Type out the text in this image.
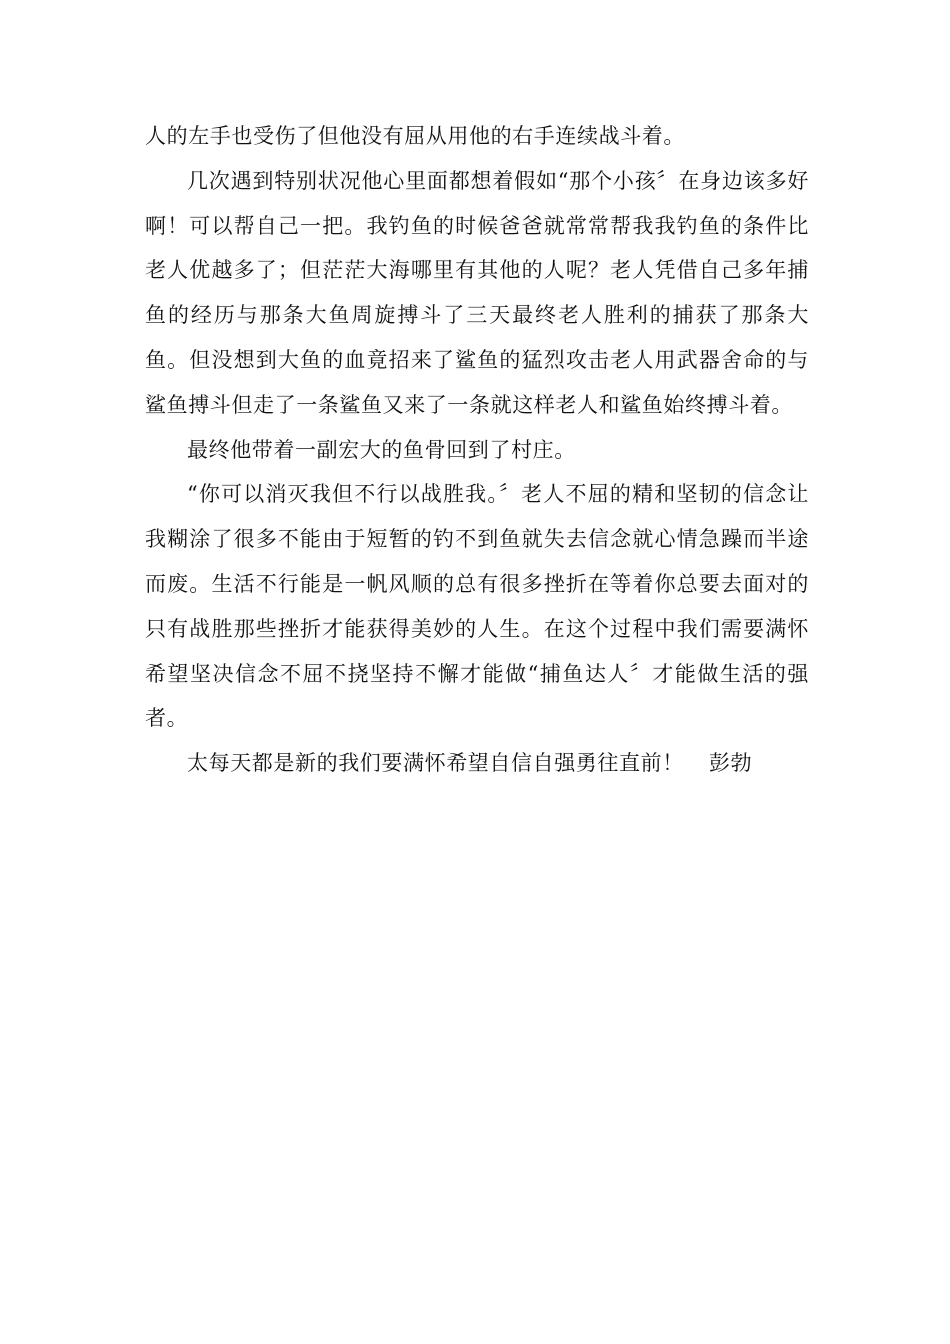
人的左手也受伤了但他没有屈从用他的右手连续战斗着。

几次遇到特别状况他心里面都想着假如“那个小孩〞在身边该多好啊！可以帮自己一把。我钓鱼的时候爸爸就常常帮我我钓鱼的条件比老人优越多了；但茫茫大海哪里有其他的人呢？老人凭借自己多年捕鱼的经历与那条大鱼周旋搏斗了三天最终老人胜利的捕获了那条大鱼。但没想到大鱼的血竟招来了鲨鱼的猛烈攻击老人用武器舍命的与鲨鱼搏斗但走了一条鲨鱼又来了一条就这样老人和鲨鱼始终搏斗着。

最终他带着一副宏大的鱼骨回到了村庄。

“你可以消灭我但不行以战胜我。〞老人不屈的精和坚韧的信念让我糊涂了很多不能由于短暂的钓不到鱼就失去信念就心情急躁而半途而废。生活不行能是一帆风顺的总有很多挫折在等着你总要去面对的只有战胜那些挫折才能获得美妙的人生。在这个过程中我们需要满怀希望坚决信念不屈不挠坚持不懈才能做“捕鱼达人〞才能做生活的强者。

太每天都是新的我们要满怀希望自信自强勇往直前！ 彭勃
